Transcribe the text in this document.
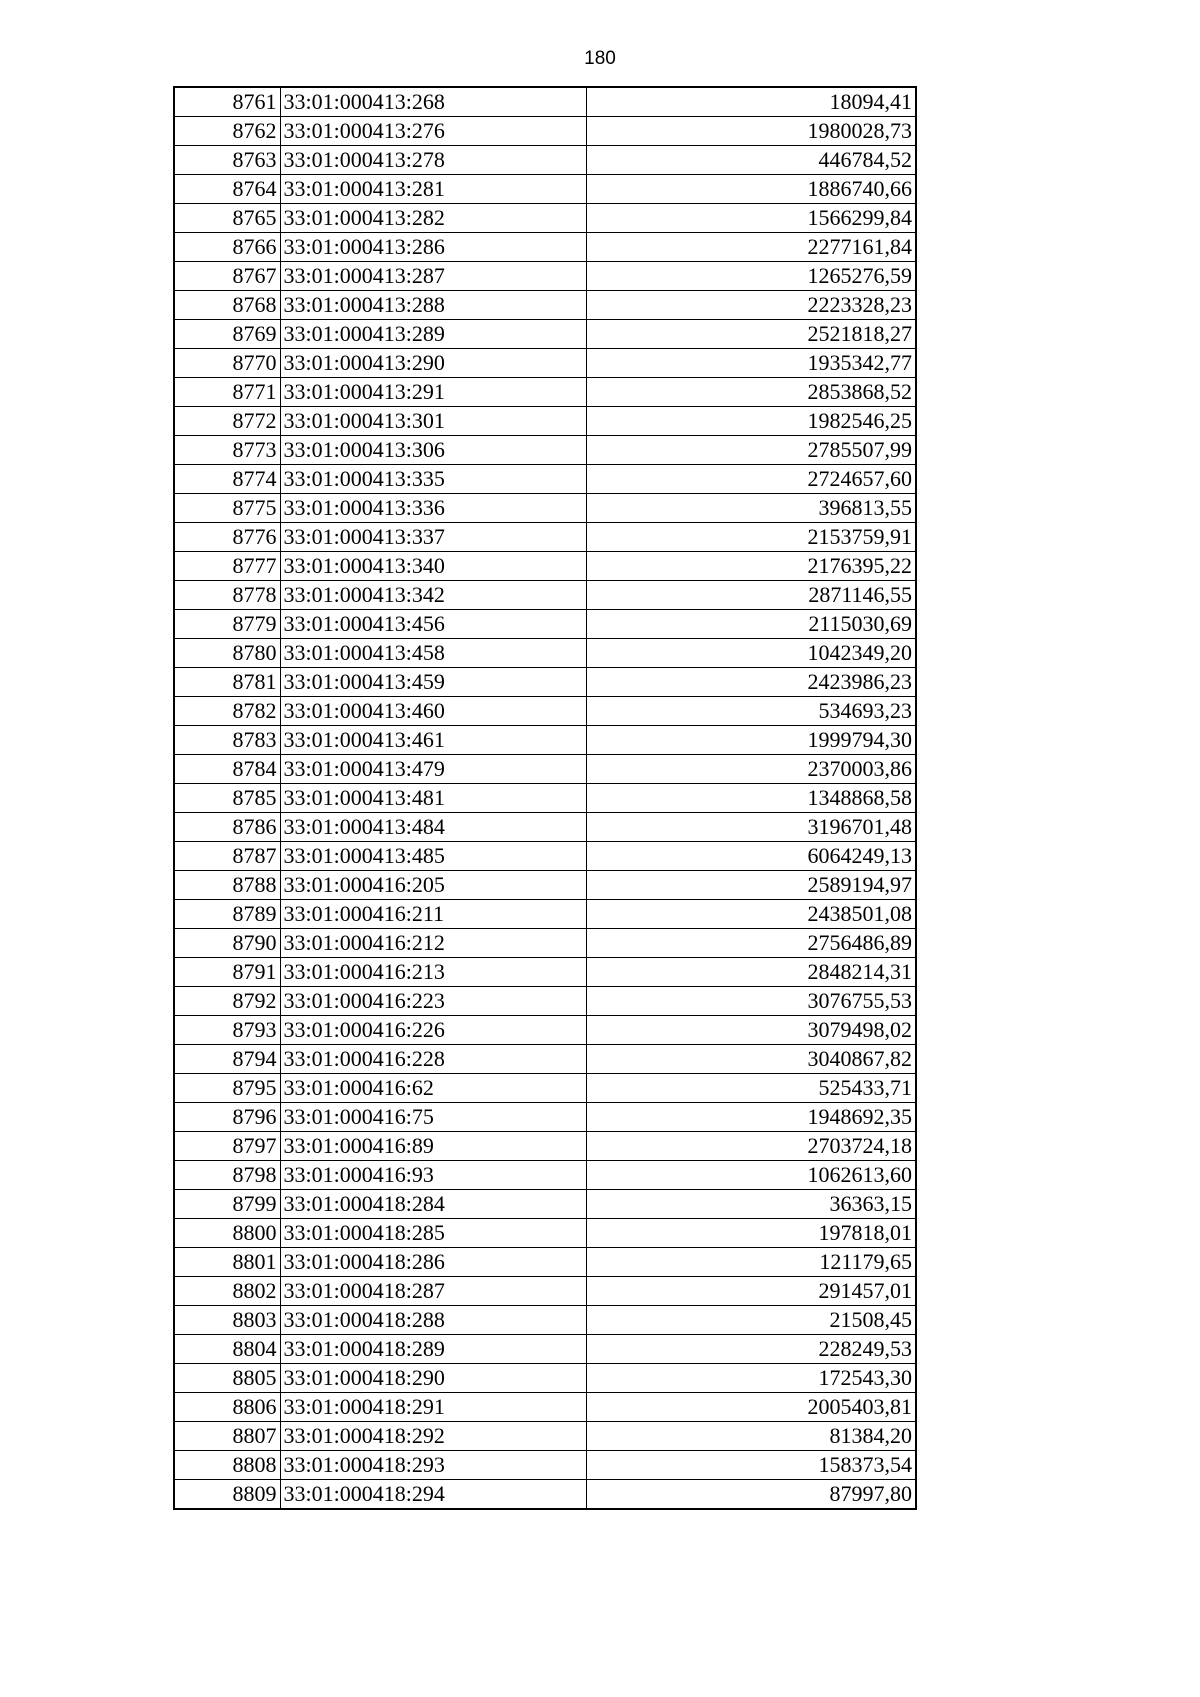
180
8761	33:01:000413:268	18094,41
8762	33:01:000413:276	1980028,73
8763	33:01:000413:278	446784,52
8764	33:01:000413:281	1886740,66
8765	33:01:000413:282	1566299,84
8766	33:01:000413:286	2277161,84
8767	33:01:000413:287	1265276,59
8768	33:01:000413:288	2223328,23
8769	33:01:000413:289	2521818,27
8770	33:01:000413:290	1935342,77
8771	33:01:000413:291	2853868,52
8772	33:01:000413:301	1982546,25
8773	33:01:000413:306	2785507,99
8774	33:01:000413:335	2724657,60
8775	33:01:000413:336	396813,55
8776	33:01:000413:337	2153759,91
8777	33:01:000413:340	2176395,22
8778	33:01:000413:342	2871146,55
8779	33:01:000413:456	2115030,69
8780	33:01:000413:458	1042349,20
8781	33:01:000413:459	2423986,23
8782	33:01:000413:460	534693,23
8783	33:01:000413:461	1999794,30
8784	33:01:000413:479	2370003,86
8785	33:01:000413:481	1348868,58
8786	33:01:000413:484	3196701,48
8787	33:01:000413:485	6064249,13
8788	33:01:000416:205	2589194,97
8789	33:01:000416:211	2438501,08
8790	33:01:000416:212	2756486,89
8791	33:01:000416:213	2848214,31
8792	33:01:000416:223	3076755,53
8793	33:01:000416:226	3079498,02
8794	33:01:000416:228	3040867,82
8795	33:01:000416:62	525433,71
8796	33:01:000416:75	1948692,35
8797	33:01:000416:89	2703724,18
8798	33:01:000416:93	1062613,60
8799	33:01:000418:284	36363,15
8800	33:01:000418:285	197818,01
8801	33:01:000418:286	121179,65
8802	33:01:000418:287	291457,01
8803	33:01:000418:288	21508,45
8804	33:01:000418:289	228249,53
8805	33:01:000418:290	172543,30
8806	33:01:000418:291	2005403,81
8807	33:01:000418:292	81384,20
8808	33:01:000418:293	158373,54
8809	33:01:000418:294	87997,80
